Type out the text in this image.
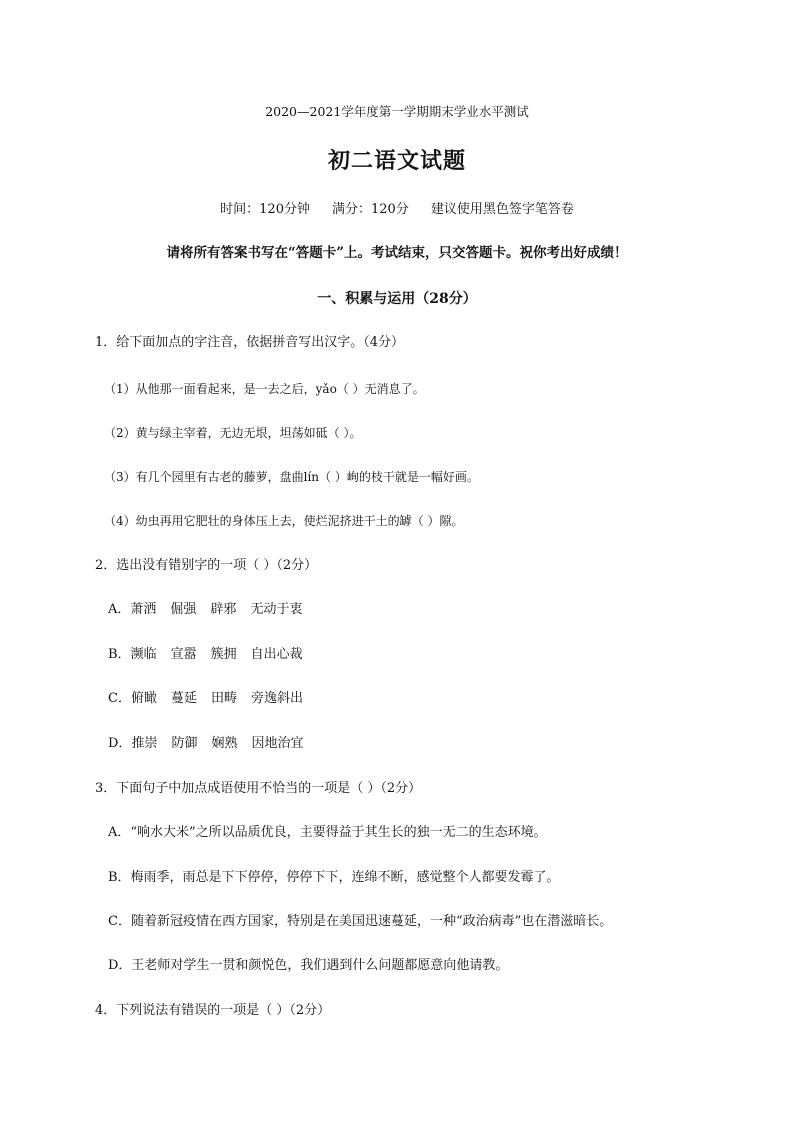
2020—2021学年度第一学期期末学业水平测试
初二语文试题
时间：120分钟 满分：120分 建议使用黑色签字笔答卷
请将所有答案书写在“答题卡”上。考试结束，只交答题卡。祝你考出好成绩！
一、积累与运用（28分）
1．给下面加点的字注音，依据拼音写出汉字。（4分）
（1）从他那一面看起来，是一去之后，yǎo（ ）无消息了。
（2）黄与绿主宰着，无边无垠，坦荡如砥（ ）。
（3）有几个园里有古老的藤萝，盘曲lín（ ）峋的枝干就是一幅好画。
（4）幼虫再用它肥壮的身体压上去，使烂泥挤进干土的罅（ ）隙。
2．选出没有错别字的一项（ ）（2分）
A．萧洒 倔强 辟邪 无动于衷
B．濒临 宣嚣 簇拥 自出心裁
C．俯瞰 蔓延 田畴 旁逸斜出
D．推崇 防御 娴熟 因地治宜
3．下面句子中加点成语使用不恰当的一项是（ ）（2分）
A．“响水大米”之所以品质优良，主要得益于其生长的独一无二的生态环境。
B．梅雨季，雨总是下下停停，停停下下，连绵不断，感觉整个人都要发霉了。
C．随着新冠疫情在西方国家，特别是在美国迅速蔓延，一种“政治病毒”也在潜滋暗长。
D．王老师对学生一贯和颜悦色，我们遇到什么问题都愿意向他请教。
4．下列说法有错误的一项是（ ）（2分）
